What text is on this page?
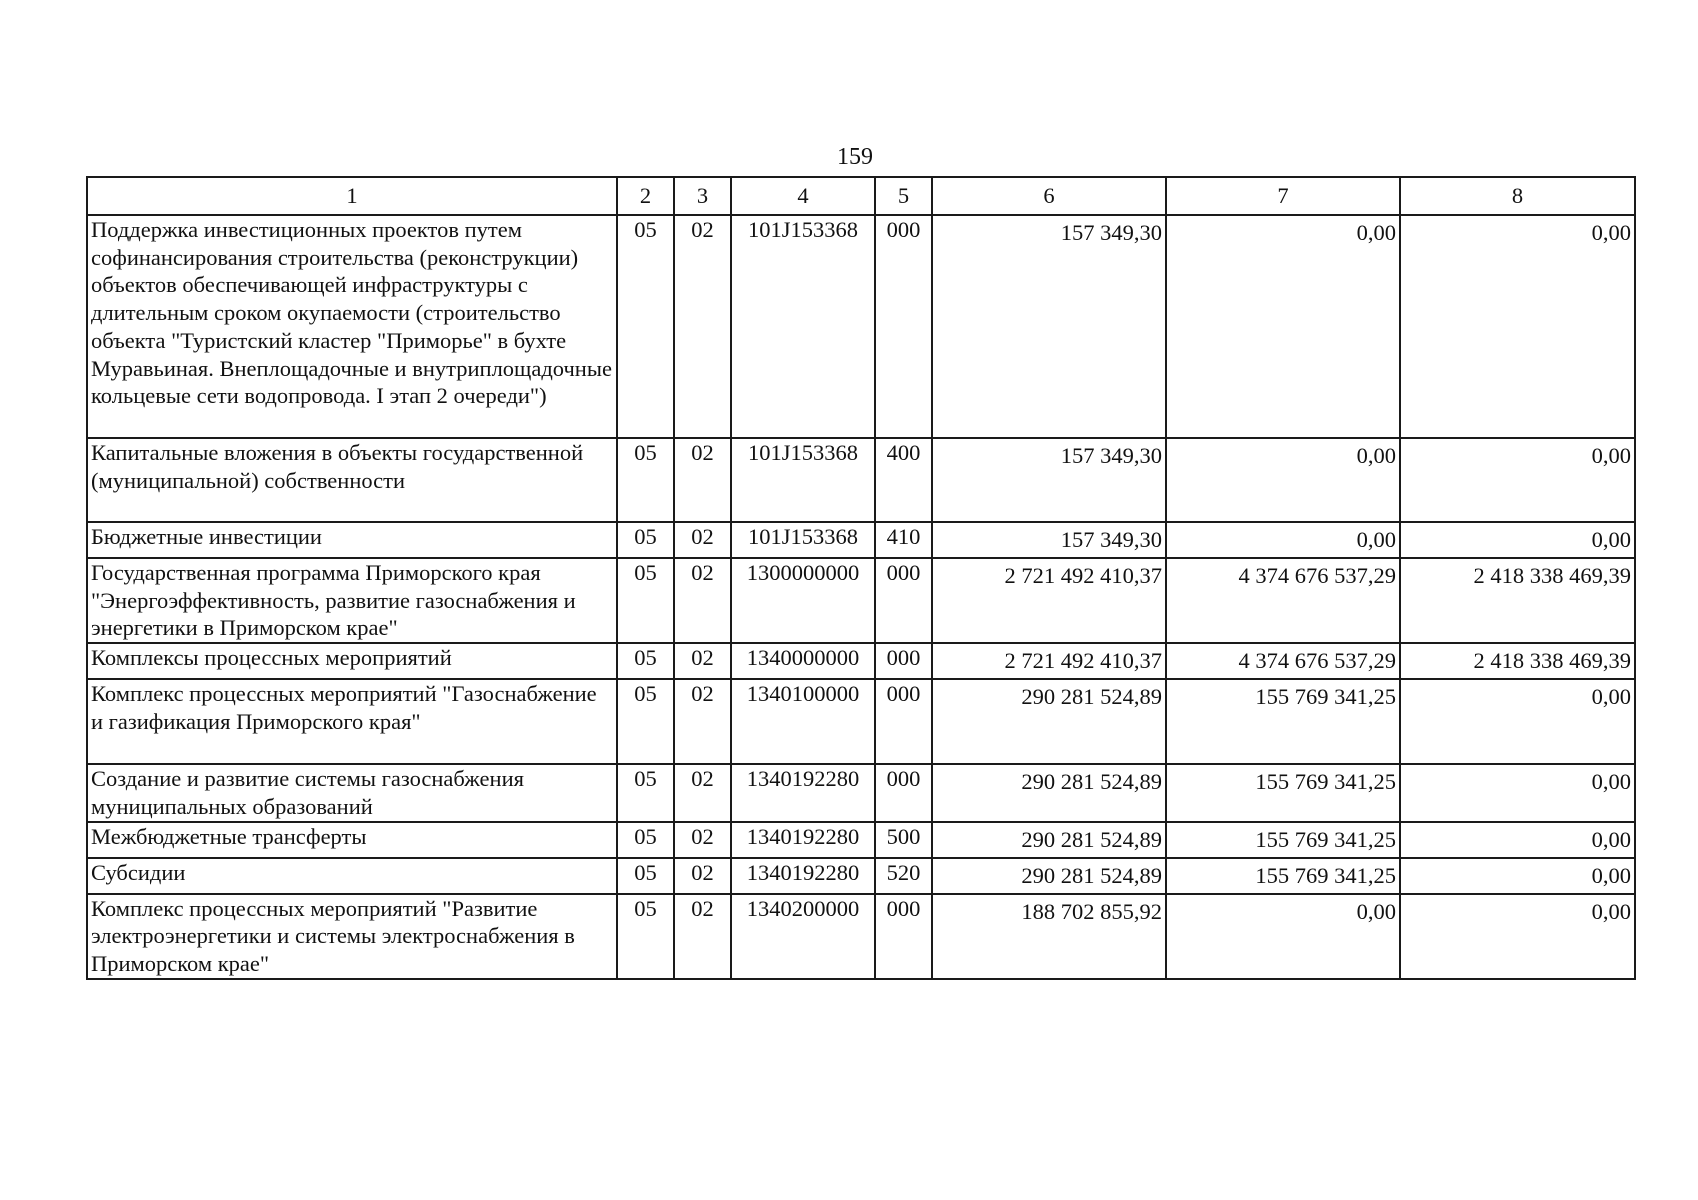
159
1	2	3	4	5	6	7	8
Поддержка инвестиционных проектов путем софинансирования строительства (реконструкции) объектов обеспечивающей инфраструктуры с длительным сроком окупаемости (строительство объекта "Туристский кластер "Приморье" в бухте Муравьиная. Внеплощадочные и внутриплощадочные кольцевые сети водопровода. I этап 2 очереди")	05	02	101J153368	000	157 349,30	0,00	0,00
Капитальные вложения в объекты государственной (муниципальной) собственности	05	02	101J153368	400	157 349,30	0,00	0,00
Бюджетные инвестиции	05	02	101J153368	410	157 349,30	0,00	0,00
Государственная программа Приморского края "Энергоэффективность, развитие газоснабжения и энергетики в Приморском крае"	05	02	1300000000	000	2 721 492 410,37	4 374 676 537,29	2 418 338 469,39
Комплексы процессных мероприятий	05	02	1340000000	000	2 721 492 410,37	4 374 676 537,29	2 418 338 469,39
Комплекс процессных мероприятий "Газоснабжение и газификация Приморского края"	05	02	1340100000	000	290 281 524,89	155 769 341,25	0,00
Создание и развитие системы газоснабжения муниципальных образований	05	02	1340192280	000	290 281 524,89	155 769 341,25	0,00
Межбюджетные трансферты	05	02	1340192280	500	290 281 524,89	155 769 341,25	0,00
Субсидии	05	02	1340192280	520	290 281 524,89	155 769 341,25	0,00
Комплекс процессных мероприятий "Развитие электроэнергетики и системы электроснабжения в Приморском крае"	05	02	1340200000	000	188 702 855,92	0,00	0,00
